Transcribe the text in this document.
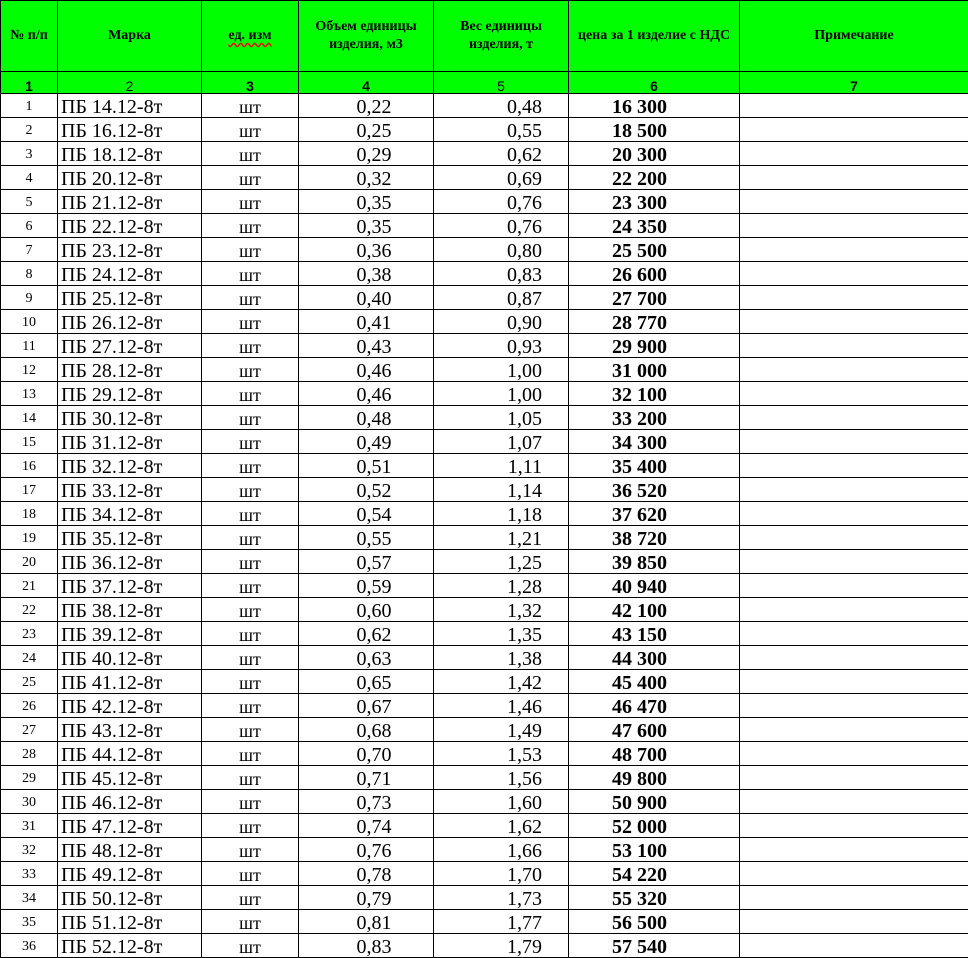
№ п/п	Марка	ед. изм	Объем единицы изделия, м3	Вес единицы изделия, т	цена за 1 изделие с НДС	Примечание
1	2	3	4	5	6	7
1	ПБ 14.12-8т	шт	0,22	0,48	16 300	
2	ПБ 16.12-8т	шт	0,25	0,55	18 500	
3	ПБ 18.12-8т	шт	0,29	0,62	20 300	
4	ПБ 20.12-8т	шт	0,32	0,69	22 200	
5	ПБ 21.12-8т	шт	0,35	0,76	23 300	
6	ПБ 22.12-8т	шт	0,35	0,76	24 350	
7	ПБ 23.12-8т	шт	0,36	0,80	25 500	
8	ПБ 24.12-8т	шт	0,38	0,83	26 600	
9	ПБ 25.12-8т	шт	0,40	0,87	27 700	
10	ПБ 26.12-8т	шт	0,41	0,90	28 770	
11	ПБ 27.12-8т	шт	0,43	0,93	29 900	
12	ПБ 28.12-8т	шт	0,46	1,00	31 000	
13	ПБ 29.12-8т	шт	0,46	1,00	32 100	
14	ПБ 30.12-8т	шт	0,48	1,05	33 200	
15	ПБ 31.12-8т	шт	0,49	1,07	34 300	
16	ПБ 32.12-8т	шт	0,51	1,11	35 400	
17	ПБ 33.12-8т	шт	0,52	1,14	36 520	
18	ПБ 34.12-8т	шт	0,54	1,18	37 620	
19	ПБ 35.12-8т	шт	0,55	1,21	38 720	
20	ПБ 36.12-8т	шт	0,57	1,25	39 850	
21	ПБ 37.12-8т	шт	0,59	1,28	40 940	
22	ПБ 38.12-8т	шт	0,60	1,32	42 100	
23	ПБ 39.12-8т	шт	0,62	1,35	43 150	
24	ПБ 40.12-8т	шт	0,63	1,38	44 300	
25	ПБ 41.12-8т	шт	0,65	1,42	45 400	
26	ПБ 42.12-8т	шт	0,67	1,46	46 470	
27	ПБ 43.12-8т	шт	0,68	1,49	47 600	
28	ПБ 44.12-8т	шт	0,70	1,53	48 700	
29	ПБ 45.12-8т	шт	0,71	1,56	49 800	
30	ПБ 46.12-8т	шт	0,73	1,60	50 900	
31	ПБ 47.12-8т	шт	0,74	1,62	52 000	
32	ПБ 48.12-8т	шт	0,76	1,66	53 100	
33	ПБ 49.12-8т	шт	0,78	1,70	54 220	
34	ПБ 50.12-8т	шт	0,79	1,73	55 320	
35	ПБ 51.12-8т	шт	0,81	1,77	56 500	
36	ПБ 52.12-8т	шт	0,83	1,79	57 540	
